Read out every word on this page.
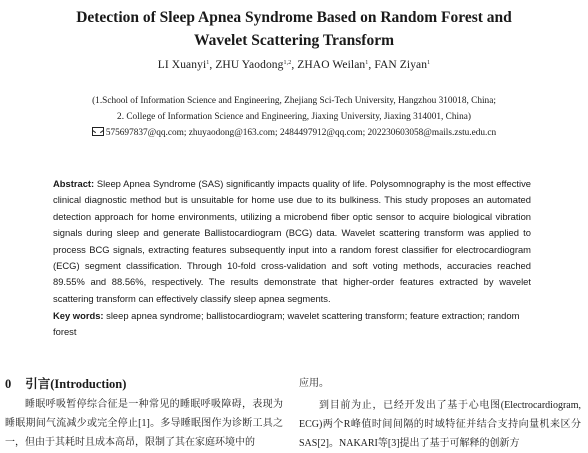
Detection of Sleep Apnea Syndrome Based on Random Forest and
Wavelet Scattering Transform
LI Xuanyi$^1$, ZHU Yaodong$^{1,2}$, ZHAO Weilan$^1$, FAN Ziyan$^1$
(1.School of Information Science and Engineering, Zhejiang Sci-Tech University, Hangzhou 310018, China;
2. College of Information Science and Engineering, Jiaxing University, Jiaxing 314001, China)
575697837@qq.com; zhuyaodong@163.com; 2484497912@qq.com; 202230603058@mails.zstu.edu.cn
Abstract: Sleep Apnea Syndrome (SAS) significantly impacts quality of life. Polysomnography is the most effective clinical diagnostic method but is unsuitable for home use due to its bulkiness. This study proposes an automated detection approach for home environments, utilizing a microbend fiber optic sensor to acquire biological vibration signals during sleep and generate Ballistocardiogram (BCG) data. Wavelet scattering transform was applied to process BCG signals, extracting features subsequently input into a random forest classifier for electrocardiogram (ECG) segment classification. Through 10-fold cross-validation and soft voting methods, accuracies reached 89.55% and 88.56%, respectively. The results demonstrate that higher-order features extracted by wavelet scattering transform can effectively classify sleep apnea segments.
Key words: sleep apnea syndrome; ballistocardiogram; wavelet scattering transform; feature extraction; random forest
0 引言(Introduction)

睡眠呼吸暂停综合征是一种常见的睡眠呼吸障碍，表现为睡眠期间气流减少或完全停止[1]。多导睡眠图作为诊断工具之一，但由于其耗时且成本高昂，限制了其在家庭环境中的

应用。

到目前为止，已经开发出了基于心电图(Electrocardiogram, ECG)两个R峰值时间间隔的时域特征并结合支持向量机来区分SAS[2]。NAKARI等[3]提出了基于可解释的创新方
